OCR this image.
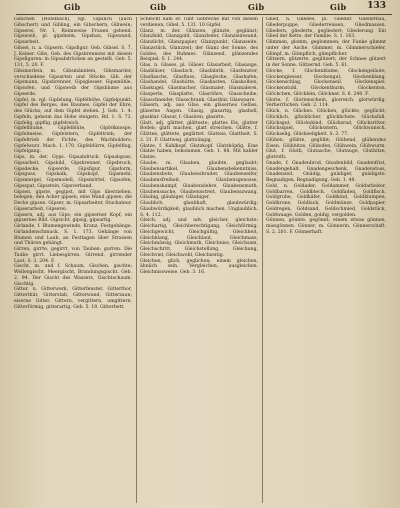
Gib	Gib	Gib	Gib 133

Gibichen (Hohdbach), vgl. Gipslich (auch Gibschert) und Gibling, ein Gibschern, Gibwein; Gipserei, Nr. 1, Reimweise Frauen gebend. Gipsweib, pl. gipsheim, Gipsbau, Gipswand, Gipsarbeit.

Gibsel, n. a. Gipsern. Gipsfigur, Geb. Gibsel. S. 7. J. Keiner. Gibs, Geb. des Gipsbrennens mit diesen Gipsfiguren: in Gipsabdrücken an gestellt. Geb. 5. 131, 5. 20. F.

Gibsmerlein, m. Gibsmännlein, Gibsmarder, verschiedene Gipsarten und Stücke. Gib. der Gipsmann, Gipsbrenner, Gipsgiesser, Gipsmühle, Gipsofen, und Gipsweib der Gipsblume aus Gipserde.

Gipfel, m. vgl. Gipfelung. Gipfelhöhe, Gipfelpunkt. Gipfel des Berges, des Baumes, Gipfel der Ehre, des Glücks; auf dem Gipfel stehen. J. Geb. 1. 4. Gipfeln, geheim das Hohe steigern. Bd. 1. S. 73. Gipfelig, gipflig, gipfelreich.

Gipfelblume, Gipfelblüte, Gipfelknospe, Gipfelmeise, Gipfelstern, Gipfeltrieb; der Gipfeltrieb der Fichte, des Wachholders; Gipfelwurz. Mach. 1. 170. Gipfeldürre, Gipfelflug, Gipfelgang.

Gips, m. der, Gyps. Gipsabdruck, Gipsabguss, Gipsarbeit, Gipsbild, Gipsbrenner, Gipsbruch, Gipsdecke, Gipserde, Gipsfigur, Gipsform, Gipsguss, Gipskalk, Gipskopf, Gipsmehl, Gipsmergel, Gipsmodell, Gipsmörtel, Gipsofen, Gipsspat, Gipsstein, Gipsverband.

Gipsen, gipste, gegipst, mit Gips überziehen, belegen; den Acker gipsen; eine Wand gipsen; die Decke gipsen. Gipser, m. Gipsarbeiter, Stuckateur. Gipserarbeit, Gipserei.

Gipsern, adj. aus Gips; ein gipserner Kopf, ein gipsernes Bild. Gipsicht, gipsig, gipsartig.

Girlande, f. Blumengewinde, Kranz, Festgehänge. Girlandenschmuck. S. 1. 173. Gehänge von Blumen und Laub, an Festtagen über Strassen und Thüren gehängt.

Girren, girrte, gegirrt, von Tauben: gurren. Die Taube girrt. Liebesgirren. Girrend, girrender Laut. S. 3. 204. F.

Gischt, m. und f. Schaum, Gischen, gischte; Wellengischt, Meergischt, Brandungsgischt. Geb. 2. 94. Der Gischt des Wassers, Gischtschaum. Gischtig.

Gitter, n. Gitterwerk, Gitterfenster, Gitterthor, Gitterthür, Gitterstab, Gitterwand, Gitterzaun; eiserne Gitter. Gittern, vergittern, umgittern. Gitterförmig, gitterartig. Geb. 5. 18. Gitterbett.

Schlecht kam er. Gibt Gebreche mit von diesen verdienen, Gibel, 5. 131. 10 Gipfel.

Glanz, m. der. Glänzen, glänzte, geglänzt; Glanzbild, Glanzgold, Glanzleder, Glanzleinwand, Glanzlicht, Glanzpapier, Glanzpunkt, Glanzseite, Glanzstück, Glanzzeit; der Glanz der Sonne, des Goldes, des Ruhmes. Glänzend, glänzendes Beispiel. S. 1. 244.

Glas, n. Glases, pl. Gläser. Glasarbeit, Glasauge, Glasbläser, Glasdach, Glasfabrik, Glasfenster, Glasflasche, Glasfluss, Glasglocke, Glashafen, Glashandel, Glashütte, Glaskasten, Glaskolben, Glaskugel, Glasmacher, Glasmaler, Glasmalerei, Glasperle, Glasplatte, Glasröhre, Glasscheibe, Glasschneider, Glasschrank, Glasthür, Glaswaare.

Gläsern, adj. aus Glas; ein gläsernes Gefäss, gläserne Augen. Glasig, glasartig, glashell, glasklar. Glasur, f. Glasiren, glasirte.

Glatt, adj. glätter, glätteste; glattes Eis, glatter Boden; glatt machen, glatt streichen. Glätte, f. Glätten, glättete, geglättet. Glatteis, Glattheit. S. 2. 31. F. Glattweg, glattzüngig.

Glatze, f. Kahlkopf, Glatzkopf. Glatzköpfig. Eine Glatze haben, bekommen. Geb. 1. 88. Mit kahler Glatze.

Glaube, m. Glauben, glaubte, geglaubt; Glaubensartikel, Glaubensbekenntniss, Glaubensbote, Glaubensbruder, Glaubenseifer, Glaubensfreiheit, Glaubensgenosse, Glaubenskampf, Glaubenslehre, Glaubensmuth, Glaubenssache, Glaubensstreit, Glaubenszwang. Gläubig, gläubiger, Gläubiger.

Glaublich, glaubhaft, glaubwürdig; Glaubwürdigkeit; glaublich machen. Unglaublich. S. 4. 112.

Gleich, adj. und adv. gleicher, gleichste; Gleichartig, Gleichberechtigung, Gleichförmig, Gleichgewicht, Gleichgültig, Gleichheit, Gleichklang, Gleichlaut, Gleichmass, Gleichmässig, Gleichmuth, Gleichniss, Gleichsam, Gleichschritt, Gleichstellung, Gleichung, Gleichviel, Gleichwohl, Gleichzeitig.

Gleichen, glich, geglichen; einem gleichen, ähnlich sein. Vergleichen, ausgleichen. Gleichnissweise. Geb. 3. 16.

Glied, n. Gliedes, pl. Glieder. Gliederbau, Gliederpuppe, Gliederreissen, Gliedmassen. Gliedern, gliederte, gegliedert; Gliederung. Ein Glied der Kette, der Familie. S. 1. 163.

Glimmen, glomm, geglommen; der Funke glimmt unter der Asche. Glimmer, m. Glimmerschiefer. Glimpf, m. Glimpflich, glimpflicher.

Glitzern, glitzerte, geglitzert; der Schnee glitzert in der Sonne. Glitzernd. Geb. 5. 61.

Glocke, f. Glockenblume, Glockengeläute, Glockengiesser, Glockengut, Glockenklang, Glockenschlag, Glockenseil, Glockenspiel, Glockenstuhl, Glockenthurm, Glockenton. Glöckchen, Glöcklein, Glöckner. S. 6. 240. F.

Glorie, f. Glorienschein, glorreich, glorwürdig. Verherrlichen. Geb. 2. 114.

Glück, n. Glückes. Glücken, glückte, geglückt; Glücklich, glücklicher, glücklichste. Glücksfall, Glücksgut, Glückskind, Glücksrad, Glücksritter, Glücksspiel, Glücksstern, Glückwunsch. Glückselig, Glückseligkeit. S. 3. 77.

Glühen, glühte, geglüht; Glühend, glühendes Eisen. Glühhitze, Glühofen, Glühwein, Glühwurm. Glut, f. Gluth, Glutasche, Glutauge, Gluthitze, glutroth.

Gnade, f. Gnadenbrod, Gnadenbild, Gnadenfrist, Gnadengehalt, Gnadengeschenk, Gnadenstoss, Gnadenzeit. Gnädig, gnädiger, gnädigste. Begnadigen, Begnadigung. Geb. 1. 48.

Gold, n. Goldader, Goldammer, Goldarbeiter, Goldbarren, Goldblech, Goldfaden, Goldfisch, Goldgrube, Goldkäfer, Goldkind, Goldklumpen, Goldkrone, Goldlack, Goldmünze, Goldpapier, Goldregen, Goldsand, Goldschmied, Goldstück, Goldwaage. Golden, goldig, vergolden.

Gönnen, gönnte, gegönnt; einem etwas gönnen, missgönnen. Gönner, m. Gönnerin, Gönnerschaft. S. 2. 201. F. Gönnerhaft.
